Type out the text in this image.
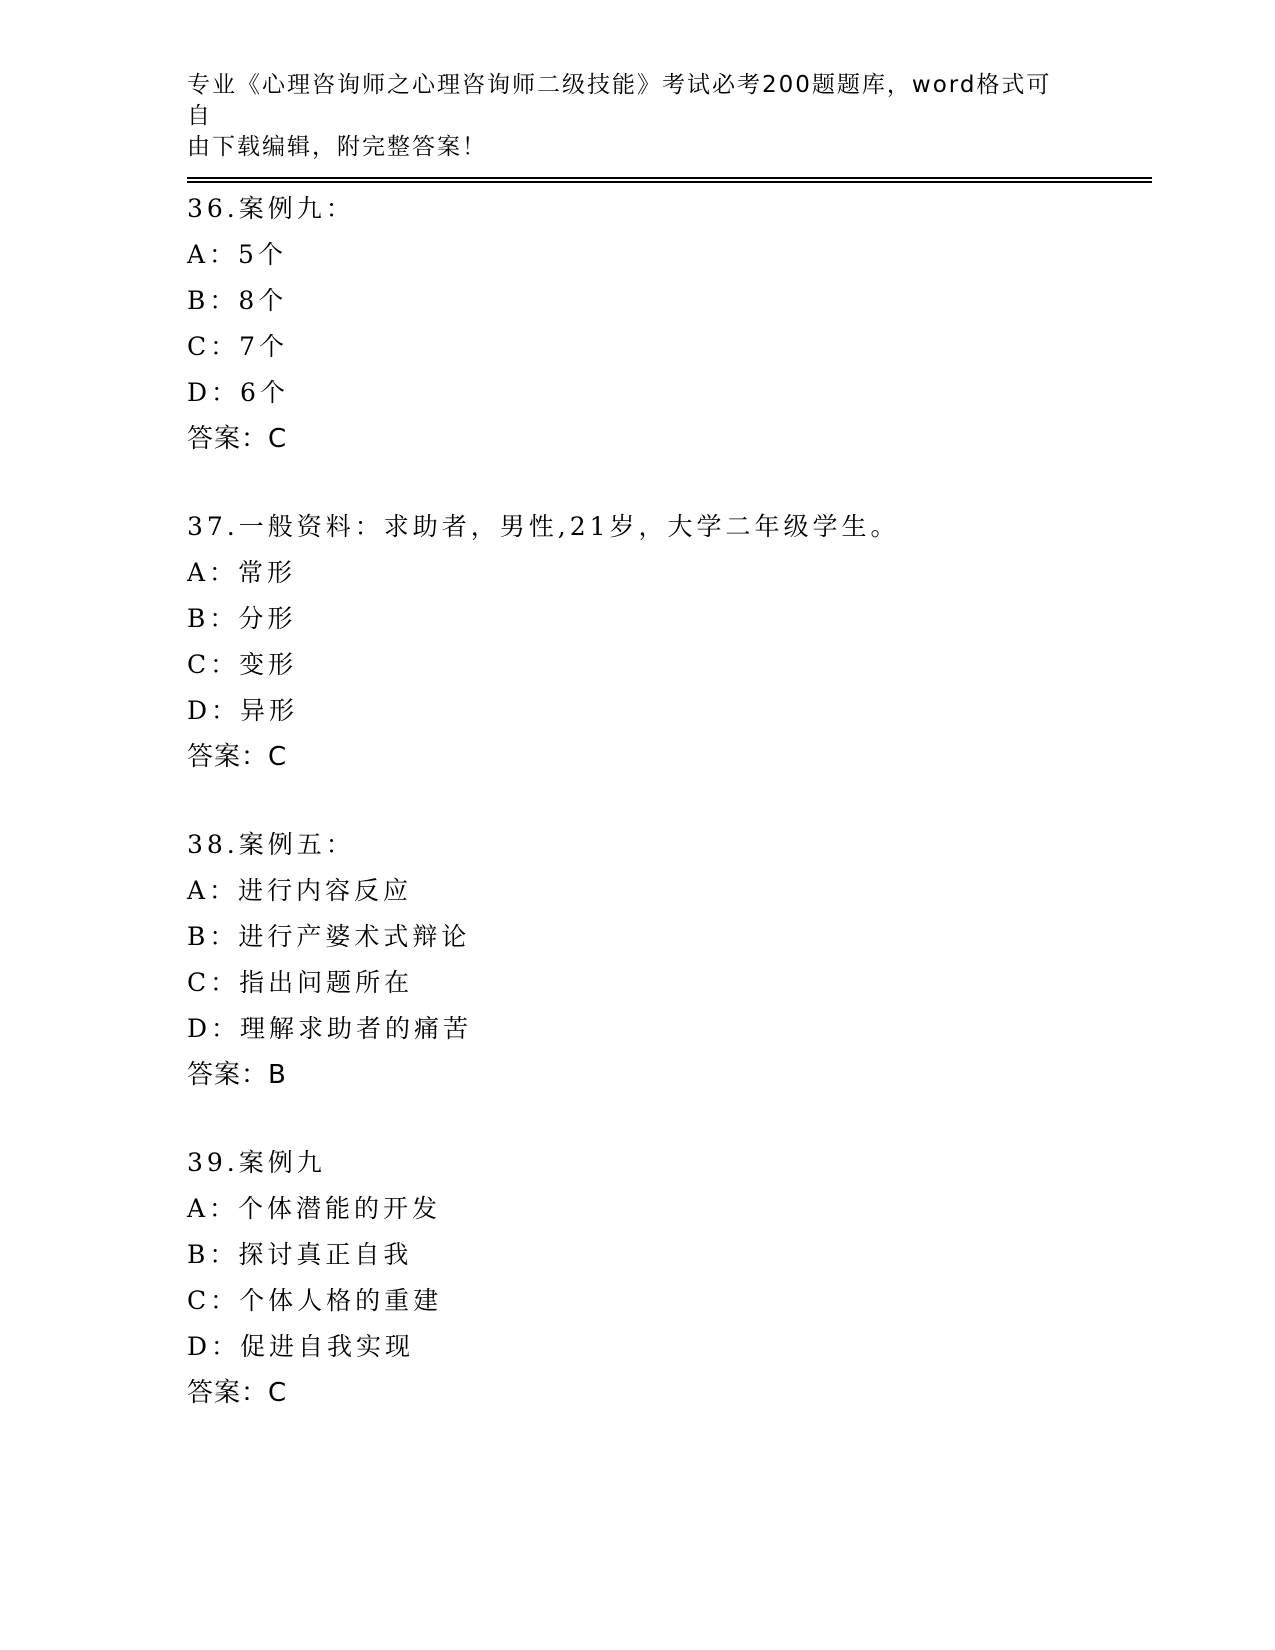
专业《心理咨询师之心理咨询师二级技能》考试必考200题题库，word格式可自
由下载编辑，附完整答案！
36.案例九：
A：5个
B：8个
C：7个
D：6个
答案：C
37.一般资料：求助者，男性,21岁，大学二年级学生。
A：常形
B：分形
C：变形
D：异形
答案：C
38.案例五：
A：进行内容反应
B：进行产婆术式辩论
C：指出问题所在
D：理解求助者的痛苦
答案：B
39.案例九
A：个体潜能的开发
B：探讨真正自我
C：个体人格的重建
D：促进自我实现
答案：C
